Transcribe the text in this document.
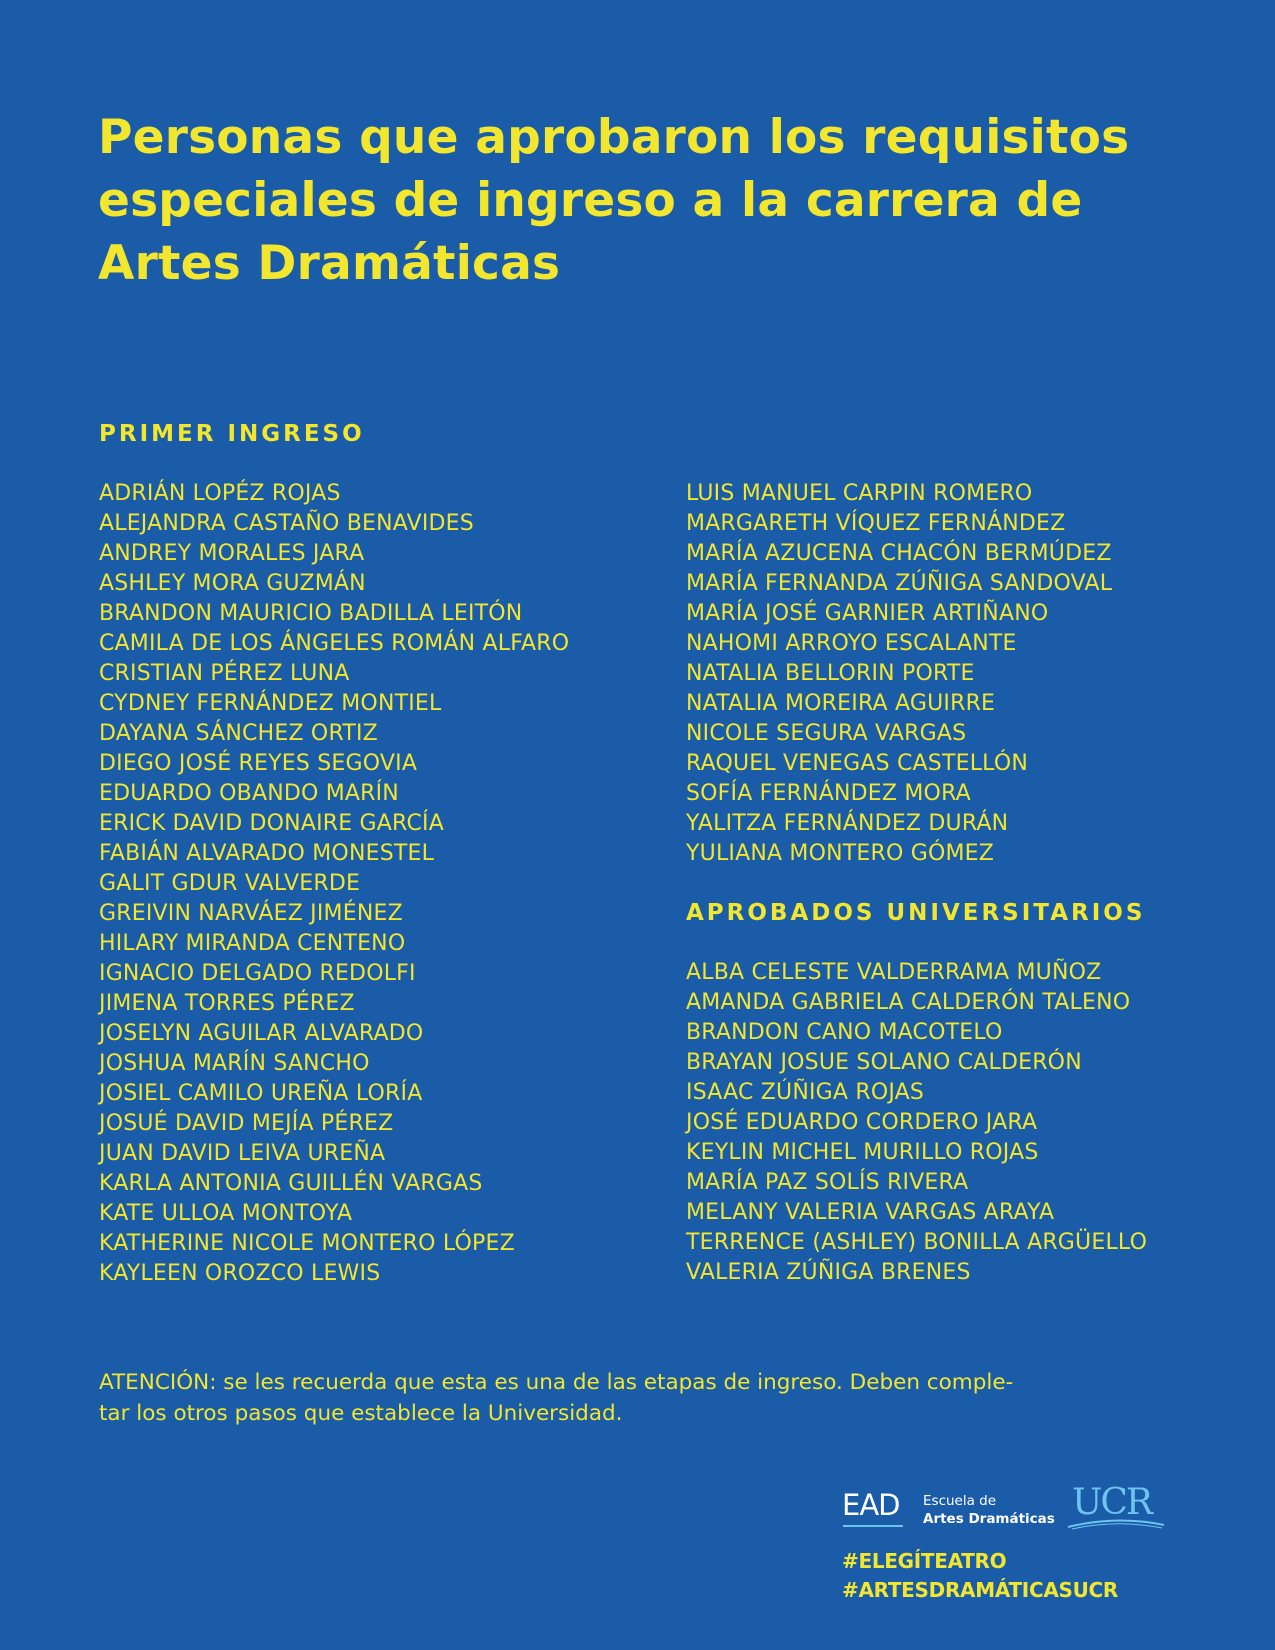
Personas que aprobaron los requisitos especiales de ingreso a la carrera de Artes Dramáticas
PRIMER INGRESO
ADRIÁN LOPÉZ ROJAS
ALEJANDRA CASTAÑO BENAVIDES
ANDREY MORALES JARA
ASHLEY MORA GUZMÁN
BRANDON MAURICIO BADILLA LEITÓN
CAMILA DE LOS ÁNGELES ROMÁN ALFARO
CRISTIAN PÉREZ LUNA
CYDNEY FERNÁNDEZ MONTIEL
DAYANA SÁNCHEZ ORTIZ
DIEGO JOSÉ REYES SEGOVIA
EDUARDO OBANDO MARÍN
ERICK DAVID DONAIRE GARCÍA
FABIÁN ALVARADO MONESTEL
GALIT GDUR VALVERDE
GREIVIN NARVÁEZ JIMÉNEZ
HILARY MIRANDA CENTENO
IGNACIO DELGADO REDOLFI
JIMENA TORRES PÉREZ
JOSELYN AGUILAR ALVARADO
JOSHUA MARÍN SANCHO
JOSIEL CAMILO UREÑA LORÍA
JOSUÉ DAVID MEJÍA PÉREZ
JUAN DAVID LEIVA UREÑA
KARLA ANTONIA GUILLÉN VARGAS
KATE ULLOA MONTOYA
KATHERINE NICOLE MONTERO LÓPEZ
KAYLEEN OROZCO LEWIS
LUIS MANUEL CARPIN ROMERO
MARGARETH VÍQUEZ FERNÁNDEZ
MARÍA AZUCENA CHACÓN BERMÚDEZ
MARÍA FERNANDA ZÚÑIGA SANDOVAL
MARÍA JOSÉ GARNIER ARTIÑANO
NAHOMI ARROYO ESCALANTE
NATALIA BELLORIN PORTE
NATALIA MOREIRA AGUIRRE
NICOLE SEGURA VARGAS
RAQUEL VENEGAS CASTELLÓN
SOFÍA FERNÁNDEZ MORA
YALITZA FERNÁNDEZ DURÁN
YULIANA MONTERO GÓMEZ
APROBADOS UNIVERSITARIOS
ALBA CELESTE VALDERRAMA MUÑOZ
AMANDA GABRIELA CALDERÓN TALENO
BRANDON CANO MACOTELO
BRAYAN JOSUE SOLANO CALDERÓN
ISAAC ZÚÑIGA ROJAS
JOSÉ EDUARDO CORDERO JARA
KEYLIN MICHEL MURILLO ROJAS
MARÍA PAZ SOLÍS RIVERA
MELANY VALERIA VARGAS ARAYA
TERRENCE (ASHLEY) BONILLA ARGÜELLO
VALERIA ZÚÑIGA BRENES

ATENCIÓN: se les recuerda que esta es una de las etapas de ingreso. Deben comple-
tar los otros pasos que establece la Universidad.

EAD Escuela de
Artes Dramáticas UCR
#ELEGÍTEATRO
#ARTESDRAMÁTICASUCR
